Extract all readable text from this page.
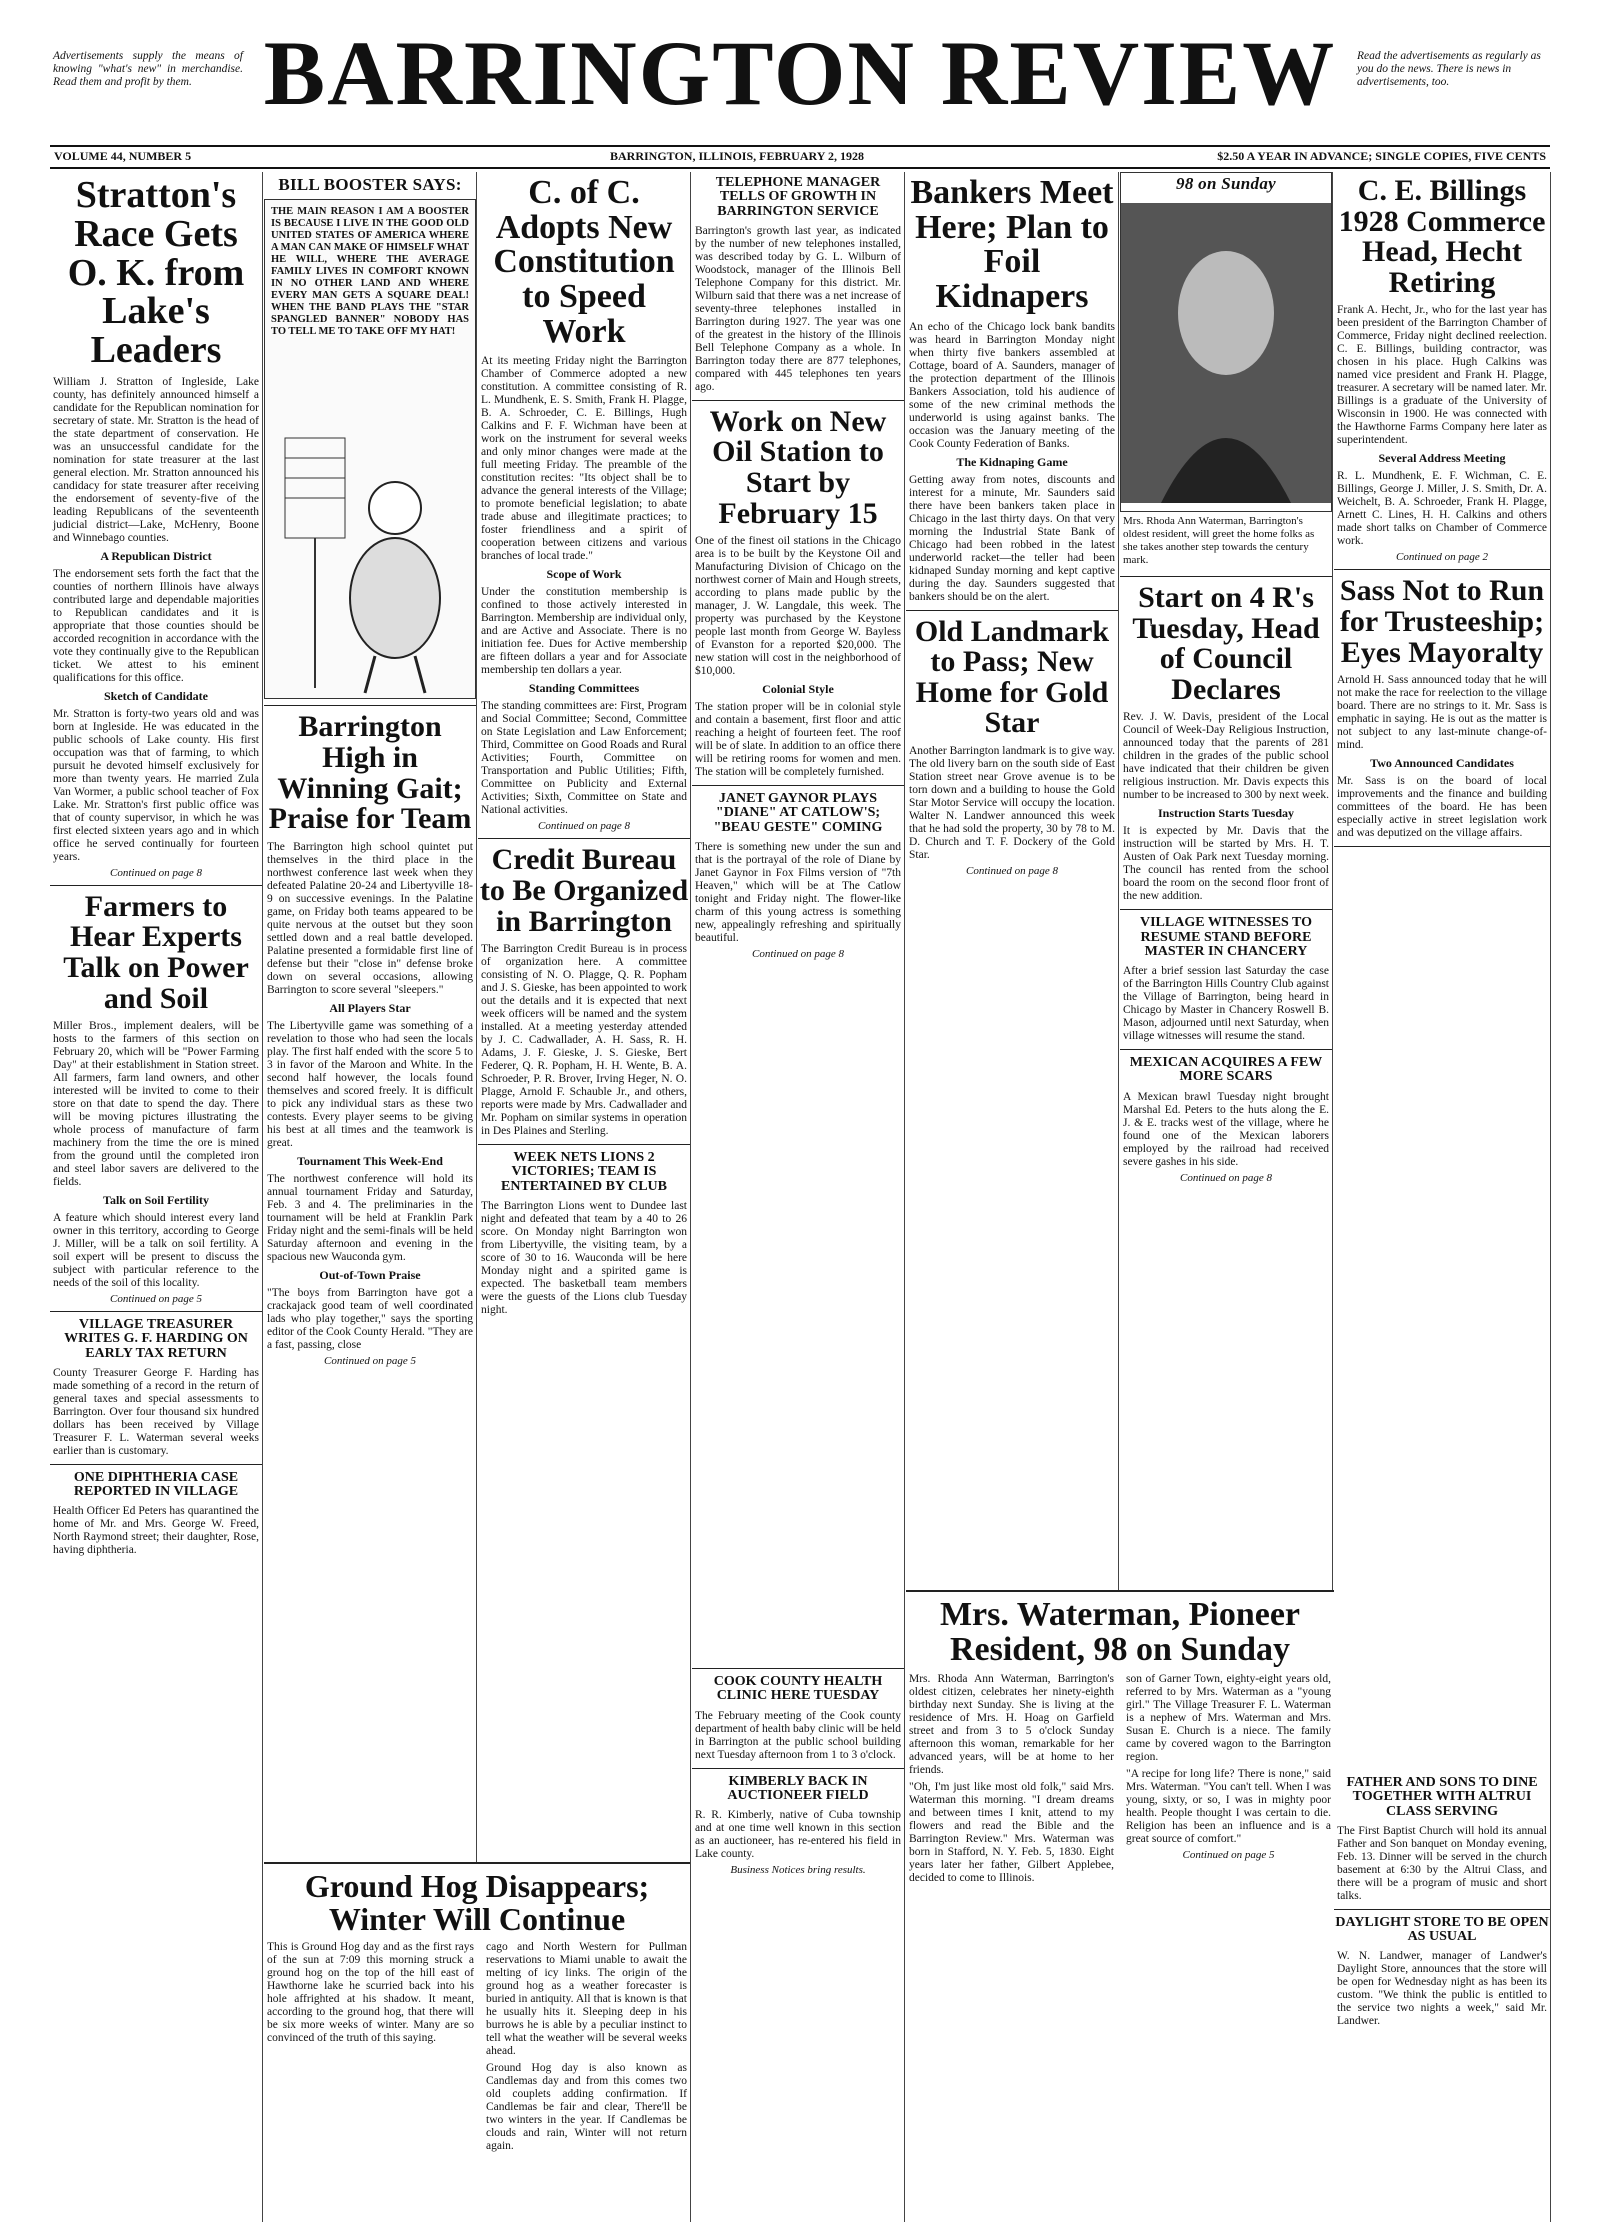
Advertisements supply the means of knowing "what's new" in merchandise. Read them and profit by them. BARRINGTON REVIEW	Read the advertisements as regularly as you do the news. There is news in advertisements, too.
VOLUME 44, NUMBER 5	BARRINGTON, ILLINOIS, FEBRUARY 2, 1928	$2.50 A YEAR IN ADVANCE; SINGLE COPIES, FIVE CENTS
Stratton's Race Gets O. K. from Lake's Leaders
William J. Stratton of Ingleside, Lake county, has definitely announced himself a candidate for the Republican nomination for secretary of state. Mr. Stratton is the head of the state department of conservation. He was an unsuccessful candidate for the nomination for state treasurer at the last general election. Mr. Stratton announced his candidacy for state treasurer after receiving the endorsement of seventy-five of the leading Republicans of the seventeenth judicial district—Lake, McHenry, Boone and Winnebago counties.
A Republican District
The endorsement sets forth the fact that the counties of northern Illinois have always contributed large and dependable majorities to Republican candidates and it is appropriate that those counties should be accorded recognition in accordance with the vote they continually give to the Republican ticket. We attest to his eminent qualifications for this office.
Sketch of Candidate
Mr. Stratton is forty-two years old and was born at Ingleside. He was educated in the public schools of Lake county. His first occupation was that of farming, to which pursuit he devoted himself exclusively for more than twenty years. He married Zula Van Wormer, a public school teacher of Fox Lake. Mr. Stratton's first public office was that of county supervisor, in which he was first elected sixteen years ago and in which office he served continually for fourteen years.
Continued on page 8
Farmers to Hear Experts Talk on Power and Soil
Miller Bros., implement dealers, will be hosts to the farmers of this section on February 20, which will be "Power Farming Day" at their establishment in Station street. All farmers, farm land owners, and other interested will be invited to come to their store on that date to spend the day. There will be moving pictures illustrating the whole process of manufacture of farm machinery from the time the ore is mined from the ground until the completed iron and steel labor savers are delivered to the fields.
Talk on Soil Fertility
A feature which should interest every land owner in this territory, according to George J. Miller, will be a talk on soil fertility. A soil expert will be present to discuss the subject with particular reference to the needs of the soil of this locality.
Continued on page 5
VILLAGE TREASURER WRITES G. F. HARDING ON EARLY TAX RETURN
County Treasurer George F. Harding has made something of a record in the return of general taxes and special assessments to Barrington. Over four thousand six hundred dollars has been received by Village Treasurer F. L. Waterman several weeks earlier than is customary.
ONE DIPHTHERIA CASE REPORTED IN VILLAGE
Health Officer Ed Peters has quarantined the home of Mr. and Mrs. George W. Freed, North Raymond street; their daughter, Rose, having diphtheria.
BILL BOOSTER SAYS:
THE MAIN REASON I AM A BOOSTER IS BECAUSE I LIVE IN THE GOOD OLD UNITED STATES OF AMERICA WHERE A MAN CAN MAKE OF HIMSELF WHAT HE WILL, WHERE THE AVERAGE FAMILY LIVES IN COMFORT KNOWN IN NO OTHER LAND AND WHERE EVERY MAN GETS A SQUARE DEAL! WHEN THE BAND PLAYS THE "STAR SPANGLED BANNER" NOBODY HAS TO TELL ME TO TAKE OFF MY HAT!
Barrington High in Winning Gait; Praise for Team
The Barrington high school quintet put themselves in the third place in the northwest conference last week when they defeated Palatine 20-24 and Libertyville 18-9 on successive evenings. In the Palatine game, on Friday both teams appeared to be quite nervous at the outset but they soon settled down and a real battle developed. Palatine presented a formidable first line of defense but their "close in" defense broke down on several occasions, allowing Barrington to score several "sleepers."
All Players Star
The Libertyville game was something of a revelation to those who had seen the locals play. The first half ended with the score 5 to 3 in favor of the Maroon and White. In the second half however, the locals found themselves and scored freely. It is difficult to pick any individual stars as these two contests. Every player seems to be giving his best at all times and the teamwork is great.
Tournament This Week-End
The northwest conference will hold its annual tournament Friday and Saturday, Feb. 3 and 4. The preliminaries in the tournament will be held at Franklin Park Friday night and the semi-finals will be held Saturday afternoon and evening in the spacious new Wauconda gym.
Out-of-Town Praise
"The boys from Barrington have got a crackajack good team of well coordinated lads who play together," says the sporting editor of the Cook County Herald. "They are a fast, passing, close
Continued on page 5
C. of C. Adopts New Constitution to Speed Work
At its meeting Friday night the Barrington Chamber of Commerce adopted a new constitution. A committee consisting of R. L. Mundhenk, E. S. Smith, Frank H. Plagge, B. A. Schroeder, C. E. Billings, Hugh Calkins and F. F. Wichman have been at work on the instrument for several weeks and only minor changes were made at the full meeting Friday. The preamble of the constitution recites: "Its object shall be to advance the general interests of the Village; to promote beneficial legislation; to abate trade abuse and illegitimate practices; to foster friendliness and a spirit of cooperation between citizens and various branches of local trade."
Scope of Work
Under the constitution membership is confined to those actively interested in Barrington. Membership are individual only, and are Active and Associate. There is no initiation fee. Dues for Active membership are fifteen dollars a year and for Associate membership ten dollars a year.
Standing Committees
The standing committees are: First, Program and Social Committee; Second, Committee on State Legislation and Law Enforcement; Third, Committee on Good Roads and Rural Activities; Fourth, Committee on Transportation and Public Utilities; Fifth, Committee on Publicity and External Activities; Sixth, Committee on State and National activities.
Continued on page 8
Credit Bureau to Be Organized in Barrington
The Barrington Credit Bureau is in process of organization here. A committee consisting of N. O. Plagge, Q. R. Popham and J. S. Gieske, has been appointed to work out the details and it is expected that next week officers will be named and the system installed. At a meeting yesterday attended by J. C. Cadwallader, A. H. Sass, R. H. Adams, J. F. Gieske, J. S. Gieske, Bert Federer, Q. R. Popham, H. H. Wente, B. A. Schroeder, P. R. Brover, Irving Heger, N. O. Plagge, Arnold F. Schauble Jr., and others, reports were made by Mrs. Cadwallader and Mr. Popham on similar systems in operation in Des Plaines and Sterling.
WEEK NETS LIONS 2 VICTORIES; TEAM IS ENTERTAINED BY CLUB
The Barrington Lions went to Dundee last night and defeated that team by a 40 to 26 score. On Monday night Barrington won from Libertyville, the visiting team, by a score of 30 to 16. Wauconda will be here Monday night and a spirited game is expected. The basketball team members were the guests of the Lions club Tuesday night.
TELEPHONE MANAGER TELLS OF GROWTH IN BARRINGTON SERVICE
Barrington's growth last year, as indicated by the number of new telephones installed, was described today by G. L. Wilburn of Woodstock, manager of the Illinois Bell Telephone Company for this district. Mr. Wilburn said that there was a net increase of seventy-three telephones installed in Barrington during 1927. The year was one of the greatest in the history of the Illinois Bell Telephone Company as a whole. In Barrington today there are 877 telephones, compared with 445 telephones ten years ago.
Work on New Oil Station to Start by February 15
One of the finest oil stations in the Chicago area is to be built by the Keystone Oil and Manufacturing Division of Chicago on the northwest corner of Main and Hough streets, according to plans made public by the manager, J. W. Langdale, this week. The property was purchased by the Keystone people last month from George W. Bayless of Evanston for a reported $20,000. The new station will cost in the neighborhood of $10,000.
Colonial Style
The station proper will be in colonial style and contain a basement, first floor and attic reaching a height of fourteen feet. The roof will be of slate. In addition to an office there will be retiring rooms for women and men. The station will be completely furnished.
JANET GAYNOR PLAYS "DIANE" AT CATLOW'S; "BEAU GESTE" COMING
There is something new under the sun and that is the portrayal of the role of Diane by Janet Gaynor in Fox Films version of "7th Heaven," which will be at The Catlow tonight and Friday night. The flower-like charm of this young actress is something new, appealingly refreshing and spiritually beautiful.
Continued on page 8
Bankers Meet Here; Plan to Foil Kidnapers
An echo of the Chicago lock bank bandits was heard in Barrington Monday night when thirty five bankers assembled at Cottage, board of A. Saunders, manager of the protection department of the Illinois Bankers Association, told his audience of some of the new criminal methods the underworld is using against banks. The occasion was the January meeting of the Cook County Federation of Banks.
The Kidnaping Game
Getting away from notes, discounts and interest for a minute, Mr. Saunders said there have been bankers taken place in Chicago in the last thirty days. On that very morning the Industrial State Bank of Chicago had been robbed in the latest underworld racket—the teller had been kidnaped Sunday morning and kept captive during the day. Saunders suggested that bankers should be on the alert.
Old Landmark to Pass; New Home for Gold Star
Another Barrington landmark is to give way. The old livery barn on the south side of East Station street near Grove avenue is to be torn down and a building to house the Gold Star Motor Service will occupy the location. Walter N. Landwer announced this week that he had sold the property, 30 by 78 to M. D. Church and T. F. Dockery of the Gold Star.
Continued on page 8
98 on Sunday
Mrs. Rhoda Ann Waterman, Barrington's oldest resident, will greet the home folks as she takes another step towards the century mark.
Start on 4 R's Tuesday, Head of Council Declares
Rev. J. W. Davis, president of the Local Council of Week-Day Religious Instruction, announced today that the parents of 281 children in the grades of the public school have indicated that their children be given religious instruction. Mr. Davis expects this number to be increased to 300 by next week.
Instruction Starts Tuesday
It is expected by Mr. Davis that the instruction will be started by Mrs. H. T. Austen of Oak Park next Tuesday morning. The council has rented from the school board the room on the second floor front of the new addition.
VILLAGE WITNESSES TO RESUME STAND BEFORE MASTER IN CHANCERY
After a brief session last Saturday the case of the Barrington Hills Country Club against the Village of Barrington, being heard in Chicago by Master in Chancery Roswell B. Mason, adjourned until next Saturday, when village witnesses will resume the stand.
MEXICAN ACQUIRES A FEW MORE SCARS
A Mexican brawl Tuesday night brought Marshal Ed. Peters to the huts along the E. J. & E. tracks west of the village, where he found one of the Mexican laborers employed by the railroad had received severe gashes in his side.
Continued on page 8
C. E. Billings 1928 Commerce Head, Hecht Retiring
Frank A. Hecht, Jr., who for the last year has been president of the Barrington Chamber of Commerce, Friday night declined reelection. C. E. Billings, building contractor, was chosen in his place. Hugh Calkins was named vice president and Frank H. Plagge, treasurer. A secretary will be named later. Mr. Billings is a graduate of the University of Wisconsin in 1900. He was connected with the Hawthorne Farms Company here later as superintendent.
Several Address Meeting
R. L. Mundhenk, E. F. Wichman, C. E. Billings, George J. Miller, J. S. Smith, Dr. A. Weichelt, B. A. Schroeder, Frank H. Plagge, Arnett C. Lines, H. H. Calkins and others made short talks on Chamber of Commerce work.
Continued on page 2
Sass Not to Run for Trusteeship; Eyes Mayoralty
Arnold H. Sass announced today that he will not make the race for reelection to the village board. There are no strings to it. Mr. Sass is emphatic in saying. He is out as the matter is not subject to any last-minute change-of-mind.
Two Announced Candidates
Mr. Sass is on the board of local improvements and the finance and building committees of the board. He has been especially active in street legislation work and was deputized on the village affairs.
Mrs. Waterman, Pioneer Resident, 98 on Sunday
Mrs. Rhoda Ann Waterman, Barrington's oldest citizen, celebrates her ninety-eighth birthday next Sunday. She is living at the residence of Mrs. H. Hoag on Garfield street and from 3 to 5 o'clock Sunday afternoon this woman, remarkable for her advanced years, will be at home to her friends.
"Oh, I'm just like most old folk," said Mrs. Waterman this morning. "I dream dreams and between times I knit, attend to my flowers and read the Bible and the Barrington Review." Mrs. Waterman was born in Stafford, N. Y. Feb. 5, 1830. Eight years later her father, Gilbert Applebee, decided to come to Illinois.
son of Garner Town, eighty-eight years old, referred to by Mrs. Waterman as a "young girl." The Village Treasurer F. L. Waterman is a nephew of Mrs. Waterman and Mrs. Susan E. Church is a niece. The family came by covered wagon to the Barrington region.
"A recipe for long life? There is none," said Mrs. Waterman. "You can't tell. When I was young, sixty, or so, I was in mighty poor health. People thought I was certain to die. Religion has been an influence and is a great source of comfort."
Continued on page 5
COOK COUNTY HEALTH CLINIC HERE TUESDAY
The February meeting of the Cook county department of health baby clinic will be held in Barrington at the public school building next Tuesday afternoon from 1 to 3 o'clock.
KIMBERLY BACK IN AUCTIONEER FIELD
R. R. Kimberly, native of Cuba township and at one time well known in this section as an auctioneer, has re-entered his field in Lake county.
Business Notices bring results.
FATHER AND SONS TO DINE TOGETHER WITH ALTRUI CLASS SERVING
The First Baptist Church will hold its annual Father and Son banquet on Monday evening, Feb. 13. Dinner will be served in the church basement at 6:30 by the Altrui Class, and there will be a program of music and short talks.
DAYLIGHT STORE TO BE OPEN AS USUAL
W. N. Landwer, manager of Landwer's Daylight Store, announces that the store will be open for Wednesday night as has been its custom. "We think the public is entitled to the service two nights a week," said Mr. Landwer.
Ground Hog Disappears; Winter Will Continue
This is Ground Hog day and as the first rays of the sun at 7:09 this morning struck a ground hog on the top of the hill east of Hawthorne lake he scurried back into his hole affrighted at his shadow. It meant, according to the ground hog, that there will be six more weeks of winter. Many are so convinced of the truth of this saying.
cago and North Western for Pullman reservations to Miami unable to await the melting of icy links. The origin of the ground hog as a weather forecaster is buried in antiquity. All that is known is that he usually hits it. Sleeping deep in his burrows he is able by a peculiar instinct to tell what the weather will be several weeks ahead.
Ground Hog day is also known as Candlemas day and from this comes two old couplets adding confirmation. If Candlemas be fair and clear, There'll be two winters in the year. If Candlemas be clouds and rain, Winter will not return again.
